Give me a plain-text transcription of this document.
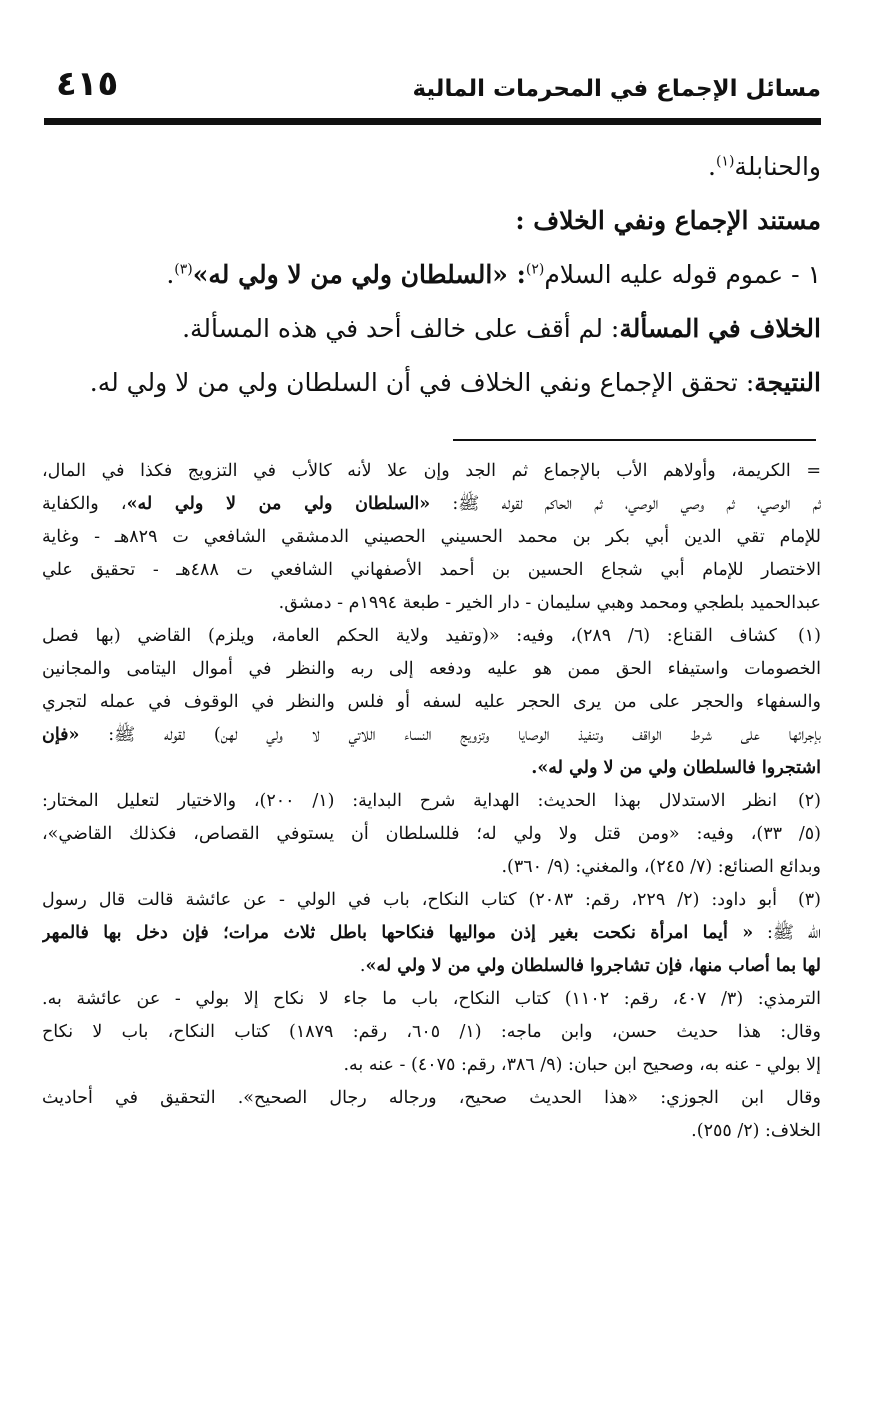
مسائل الإجماع في المحرمات المالية
٤١٥

والحنابلة$^{(١)}$.

مستند الإجماع ونفي الخلاف :

١ - عموم قوله عليه السلام$^{(٢)}$: «السلطان ولي من لا ولي له»$^{(٣)}$.

الخلاف في المسألة: لم أقف على خالف أحد في هذه المسألة.

النتيجة: تحقق الإجماع ونفي الخلاف في أن السلطان ولي من لا ولي له.

= الكريمة، وأولاهم الأب بالإجماع ثم الجد وإن علا لأنه كالأب في التزويج فكذا في المال،
ثم الوصي، ثم وصي الوصي، ثم الحاكم لقوله ﷺ: «السلطان ولي من لا ولي له»، والكفاية
للإمام تقي الدين أبي بكر بن محمد الحسيني الحصيني الدمشقي الشافعي ت ٨٢٩هـ - وغاية
الاختصار للإمام أبي شجاع الحسين بن أحمد الأصفهاني الشافعي ت ٤٨٨هـ - تحقيق علي
عبدالحميد بلطجي ومحمد وهبي سليمان - دار الخير - طبعة ١٩٩٤م - دمشق.
(١)
كشاف القناع: (٦/ ٢٨٩)، وفيه: «(وتفيد ولاية الحكم العامة، ويلزم) القاضي (بها فصل
الخصومات واستيفاء الحق ممن هو عليه ودفعه إلى ربه والنظر في أموال اليتامى والمجانين
والسفهاء والحجر على من يرى الحجر عليه لسفه أو فلس والنظر في الوقوف في عمله لتجري
بإجرائها على شرط الواقف وتنفيذ الوصايا وتزويج النساء اللاتي لا ولي لهن) لقوله ﷺ: «فإن
اشتجروا فالسلطان ولي من لا ولي له».
(٢)
انظر الاستدلال بهذا الحديث: الهداية شرح البداية: (١/ ٢٠٠)، والاختيار لتعليل المختار:
(٥/ ٣٣)، وفيه: «ومن قتل ولا ولي له؛ فللسلطان أن يستوفي القصاص، فكذلك القاضي»،
وبدائع الصنائع: (٧/ ٢٤٥)، والمغني: (٩/ ٣٦٠).
(٣)
أبو داود: (٢/ ٢٢٩، رقم: ٢٠٨٣) كتاب النكاح، باب في الولي - عن عائشة قالت قال رسول
الله ﷺ: « أيما امرأة نكحت بغير إذن مواليها فنكاحها باطل ثلاث مرات؛ فإن دخل بها فالمهر
لها بما أصاب منها، فإن تشاجروا فالسلطان ولي من لا ولي له».
الترمذي: (٣/ ٤٠٧، رقم: ١١٠٢) كتاب النكاح، باب ما جاء لا نكاح إلا بولي - عن عائشة به.
وقال: هذا حديث حسن، وابن ماجه: (١/ ٦٠٥، رقم: ١٨٧٩) كتاب النكاح، باب لا نكاح
إلا بولي - عنه به، وصحيح ابن حبان: (٩/ ٣٨٦، رقم: ٤٠٧٥) - عنه به.
وقال ابن الجوزي: «هذا الحديث صحيح، ورجاله رجال الصحيح». التحقيق في أحاديث
الخلاف: (٢/ ٢٥٥).
